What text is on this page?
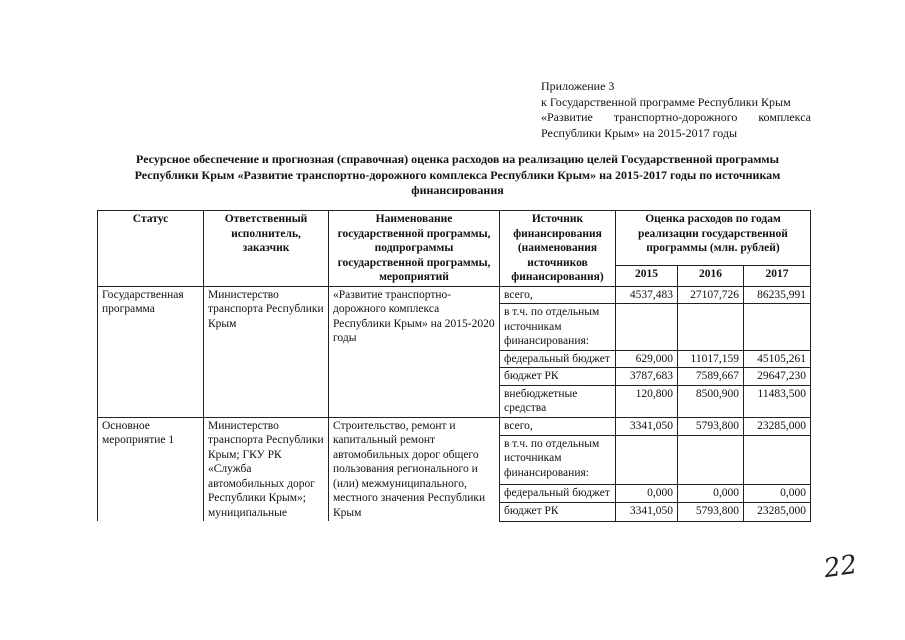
Приложение 3
к Государственной программе Республики Крым
«Развитие транспортно-дорожного комплекса
Республики Крым» на 2015-2017 годы
Ресурсное обеспечение и прогнозная (справочная) оценка расходов на реализацию целей Государственной программы
Республики Крым «Развитие транспортно-дорожного комплекса Республики Крым» на 2015-2017 годы по источникам
финансирования
Статус	Ответственный исполнитель, заказчик	Наименование государственной программы, подпрограммы государственной программы, мероприятий	Источник финансирования (наименования источников финансирования)	Оценка расходов по годам реализации государственной программы (млн. рублей)		
				2015	2016	2017
Государственная программа	Министерство транспорта Республики Крым	«Развитие транспортно-дорожного комплекса Республики Крым» на 2015-2020 годы	всего,	4537,483	27107,726	86235,991
			в т.ч. по отдельным источникам финансирования:			
			федеральный бюджет	629,000	11017,159	45105,261
			бюджет РК	3787,683	7589,667	29647,230
			внебюджетные средства	120,800	8500,900	11483,500
Основное мероприятие 1	Министерство транспорта Республики Крым; ГКУ РК «Служба автомобильных дорог Республики Крым»; муниципальные	Строительство, ремонт и капитальный ремонт автомобильных дорог общего пользования регионального и (или) межмуниципального, местного значения Республики Крым	всего,	3341,050	5793,800	23285,000
			в т.ч. по отдельным источникам финансирования:			
			федеральный бюджет	0,000	0,000	0,000
			бюджет РК	3341,050	5793,800	23285,000
22
